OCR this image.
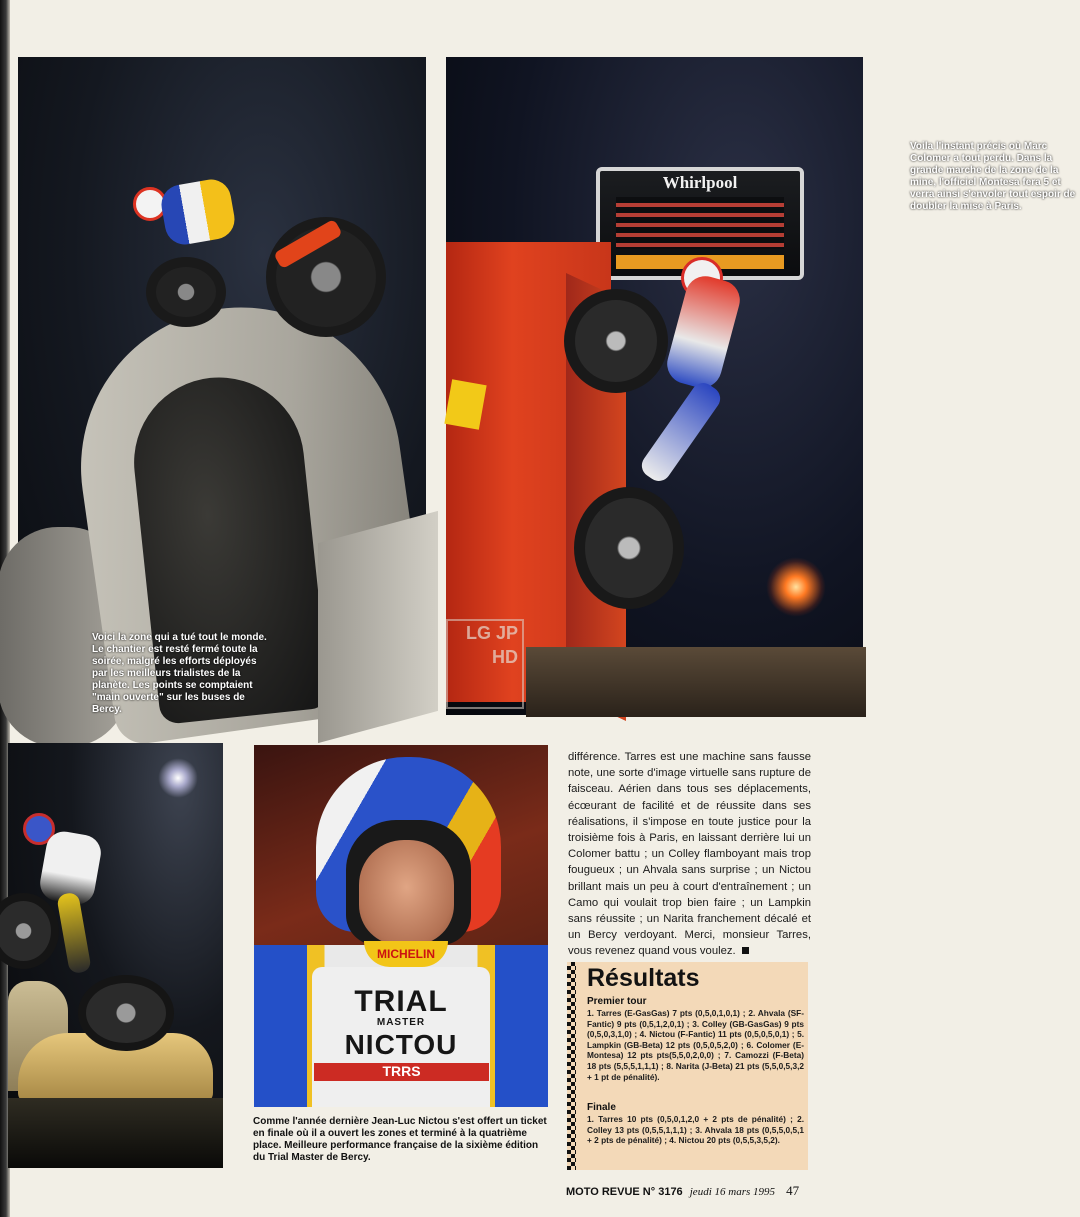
Voici la zone qui a tué tout le monde. Le chantier est resté fermé toute la soirée, malgré les efforts déployés par les meilleurs trialistes de la planète. Les points se comptaient "main ouverte" sur les buses de Bercy.
Whirlpool
LG JP HD
Voila l'instant précis où Marc Colomer a tout perdu. Dans la grande marche de la zone de la mine, l'officiel Montesa fera 5 et verra ainsi s'envoler tout espoir de doubler la mise à Paris.
MICHELIN
TRIAL
MASTER
NICTOU
TRRS
Comme l'année dernière Jean-Luc Nictou s'est offert un ticket en finale où il a ouvert les zones et terminé à la quatrième place. Meilleure performance française de la sixième édition du Trial Master de Bercy.
différence. Tarres est une machine sans fausse note, une sorte d'image virtuelle sans rupture de faisceau. Aérien dans tous ses déplacements, écœurant de facilité et de réussite dans ses réalisations, il s'impose en toute justice pour la troisième fois à Paris, en laissant derrière lui un Colomer battu ; un Colley flamboyant mais trop fougueux ; un Ahvala sans surprise ; un Nictou brillant mais un peu à court d'entraînement ; un Camo qui voulait trop bien faire ; un Lampkin sans réussite ; un Narita franchement décalé et un Bercy verdoyant. Merci, monsieur Tarres, vous revenez quand vous voulez.
Résultats
Premier tour
1. Tarres (E-GasGas) 7 pts (0,5,0,1,0,1) ; 2. Ahvala (SF-Fantic) 9 pts (0,5,1,2,0,1) ; 3. Colley (GB-GasGas) 9 pts (0,5,0,3,1,0) ; 4. Nictou (F-Fantic) 11 pts (0,5,0,5,0,1) ; 5. Lampkin (GB-Beta) 12 pts (0,5,0,5,2,0) ; 6. Colomer (E-Montesa) 12 pts pts(5,5,0,2,0,0) ; 7. Camozzi (F-Beta) 18 pts (5,5,5,1,1,1) ; 8. Narita (J-Beta) 21 pts (5,5,0,5,3,2 + 1 pt de pénalité).
Finale
1. Tarres 10 pts (0,5,0,1,2,0 + 2 pts de pénalité) ; 2. Colley 13 pts (0,5,5,1,1,1) ; 3. Ahvala 18 pts (0,5,5,0,5,1 + 2 pts de pénalité) ; 4. Nictou 20 pts (0,5,5,3,5,2).
MOTO REVUE N° 3176 jeudi 16 mars 1995 47
